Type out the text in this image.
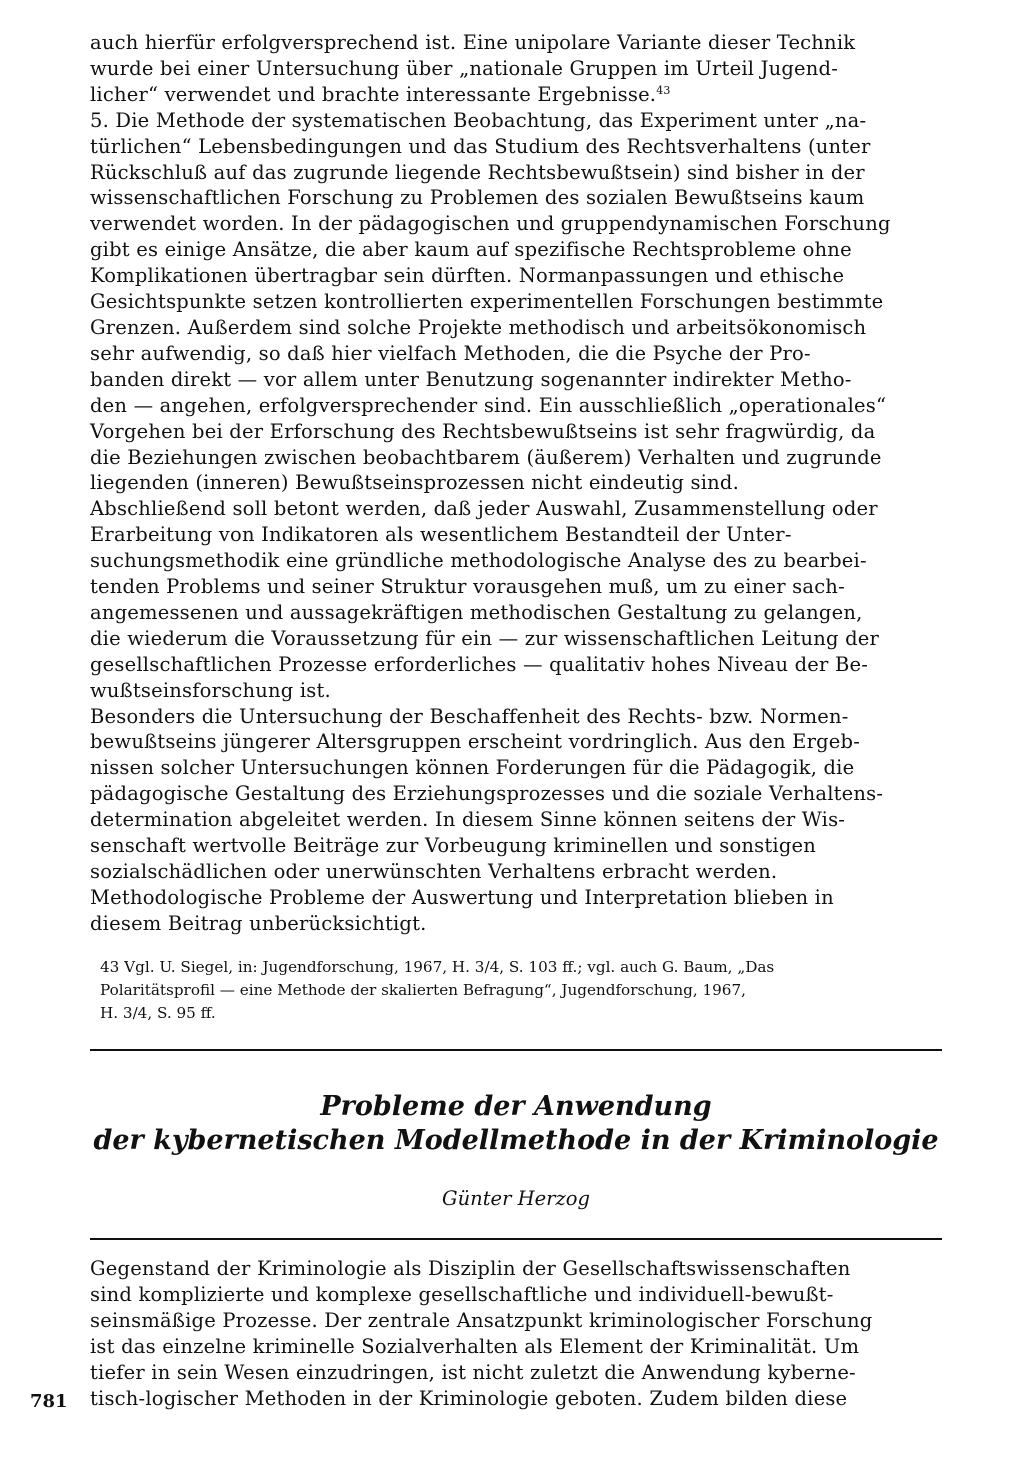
auch hierfür erfolgversprechend ist. Eine unipolare Variante dieser Technik

wurde bei einer Untersuchung über „nationale Gruppen im Urteil Jugend-

licher“ verwendet und brachte interessante Ergebnisse.$^{43}$

5. Die Methode der systematischen Beobachtung, das Experiment unter „na-

türlichen“ Lebensbedingungen und das Studium des Rechtsverhaltens (unter

Rückschluß auf das zugrunde liegende Rechtsbewußtsein) sind bisher in der

wissenschaftlichen Forschung zu Problemen des sozialen Bewußtseins kaum

verwendet worden. In der pädagogischen und gruppendynamischen Forschung

gibt es einige Ansätze, die aber kaum auf spezifische Rechtsprobleme ohne

Komplikationen übertragbar sein dürften. Normanpassungen und ethische

Gesichtspunkte setzen kontrollierten experimentellen Forschungen bestimmte

Grenzen. Außerdem sind solche Projekte methodisch und arbeitsökonomisch

sehr aufwendig, so daß hier vielfach Methoden, die die Psyche der Pro-

banden direkt — vor allem unter Benutzung sogenannter indirekter Metho-

den — angehen, erfolgversprechender sind. Ein ausschließlich „operationales“

Vorgehen bei der Erforschung des Rechtsbewußtseins ist sehr fragwürdig, da

die Beziehungen zwischen beobachtbarem (äußerem) Verhalten und zugrunde

liegenden (inneren) Bewußtseinsprozessen nicht eindeutig sind.

Abschließend soll betont werden, daß jeder Auswahl, Zusammenstellung oder

Erarbeitung von Indikatoren als wesentlichem Bestandteil der Unter-

suchungsmethodik eine gründliche methodologische Analyse des zu bearbei-

tenden Problems und seiner Struktur vorausgehen muß, um zu einer sach-

angemessenen und aussagekräftigen methodischen Gestaltung zu gelangen,

die wiederum die Voraussetzung für ein — zur wissenschaftlichen Leitung der

gesellschaftlichen Prozesse erforderliches — qualitativ hohes Niveau der Be-

wußtseinsforschung ist.

Besonders die Untersuchung der Beschaffenheit des Rechts- bzw. Normen-

bewußtseins jüngerer Altersgruppen erscheint vordringlich. Aus den Ergeb-

nissen solcher Untersuchungen können Forderungen für die Pädagogik, die

pädagogische Gestaltung des Erziehungsprozesses und die soziale Verhaltens-

determination abgeleitet werden. In diesem Sinne können seitens der Wis-

senschaft wertvolle Beiträge zur Vorbeugung kriminellen und sonstigen

sozialschädlichen oder unerwünschten Verhaltens erbracht werden.

Methodologische Probleme der Auswertung und Interpretation blieben in

diesem Beitrag unberücksichtigt.

43 Vgl. U. Siegel, in: Jugendforschung, 1967, H. 3/4, S. 103 ff.; vgl. auch G. Baum, „Das
Polaritätsprofil — eine Methode der skalierten Befragung“, Jugendforschung, 1967,
H. 3/4, S. 95 ff.
Probleme der Anwendung
der kybernetischen Modellmethode in der Kriminologie
Günter Herzog

Gegenstand der Kriminologie als Disziplin der Gesellschaftswissenschaften

sind komplizierte und komplexe gesellschaftliche und individuell-bewußt-

seinsmäßige Prozesse. Der zentrale Ansatzpunkt kriminologischer Forschung

ist das einzelne kriminelle Sozialverhalten als Element der Kriminalität. Um

tiefer in sein Wesen einzudringen, ist nicht zuletzt die Anwendung kyberne-

tisch-logischer Methoden in der Kriminologie geboten. Zudem bilden diese

781
